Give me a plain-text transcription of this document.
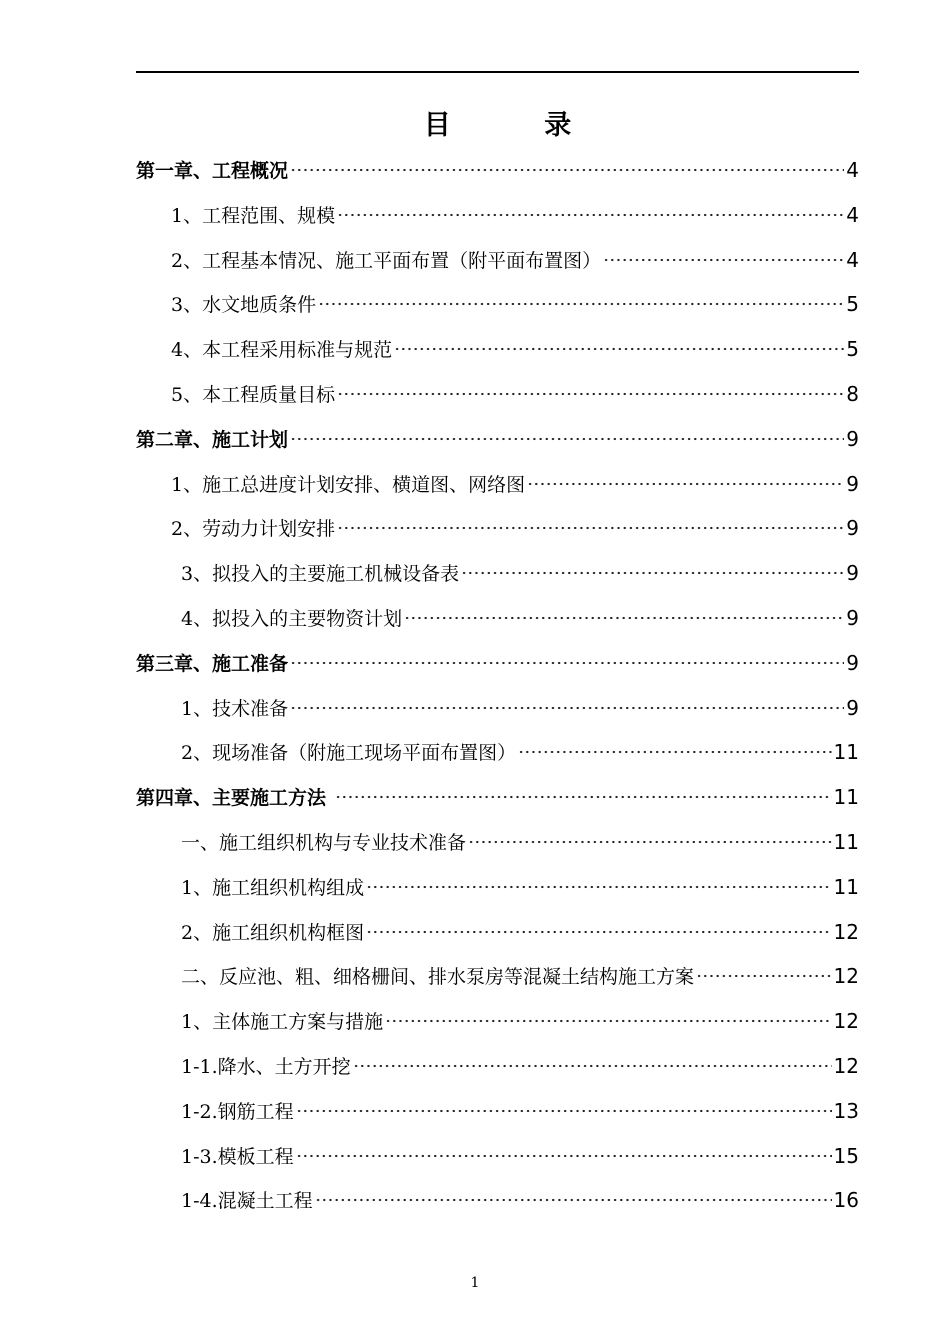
目 录
第一章、工程概况	4
1、工程范围、规模	4
2、工程基本情况、施工平面布置（附平面布置图）	4
3、水文地质条件	5
4、本工程采用标准与规范	5
5、本工程质量目标	8
第二章、施工计划	9
1、施工总进度计划安排、横道图、网络图	9
2、劳动力计划安排	9
3、拟投入的主要施工机械设备表	9
4、拟投入的主要物资计划	9
第三章、施工准备	9
1、技术准备	9
2、现场准备（附施工现场平面布置图）	11
第四章、主要施工方法	11
一、施工组织机构与专业技术准备	11
1、施工组织机构组成	11
2、施工组织机构框图	12
二、反应池、粗、细格栅间、排水泵房等混凝土结构施工方案	12
1、主体施工方案与措施	12
1-1.降水、土方开挖	12
1-2.钢筋工程	13
1-3.模板工程	15
1-4.混凝土工程	16
1
